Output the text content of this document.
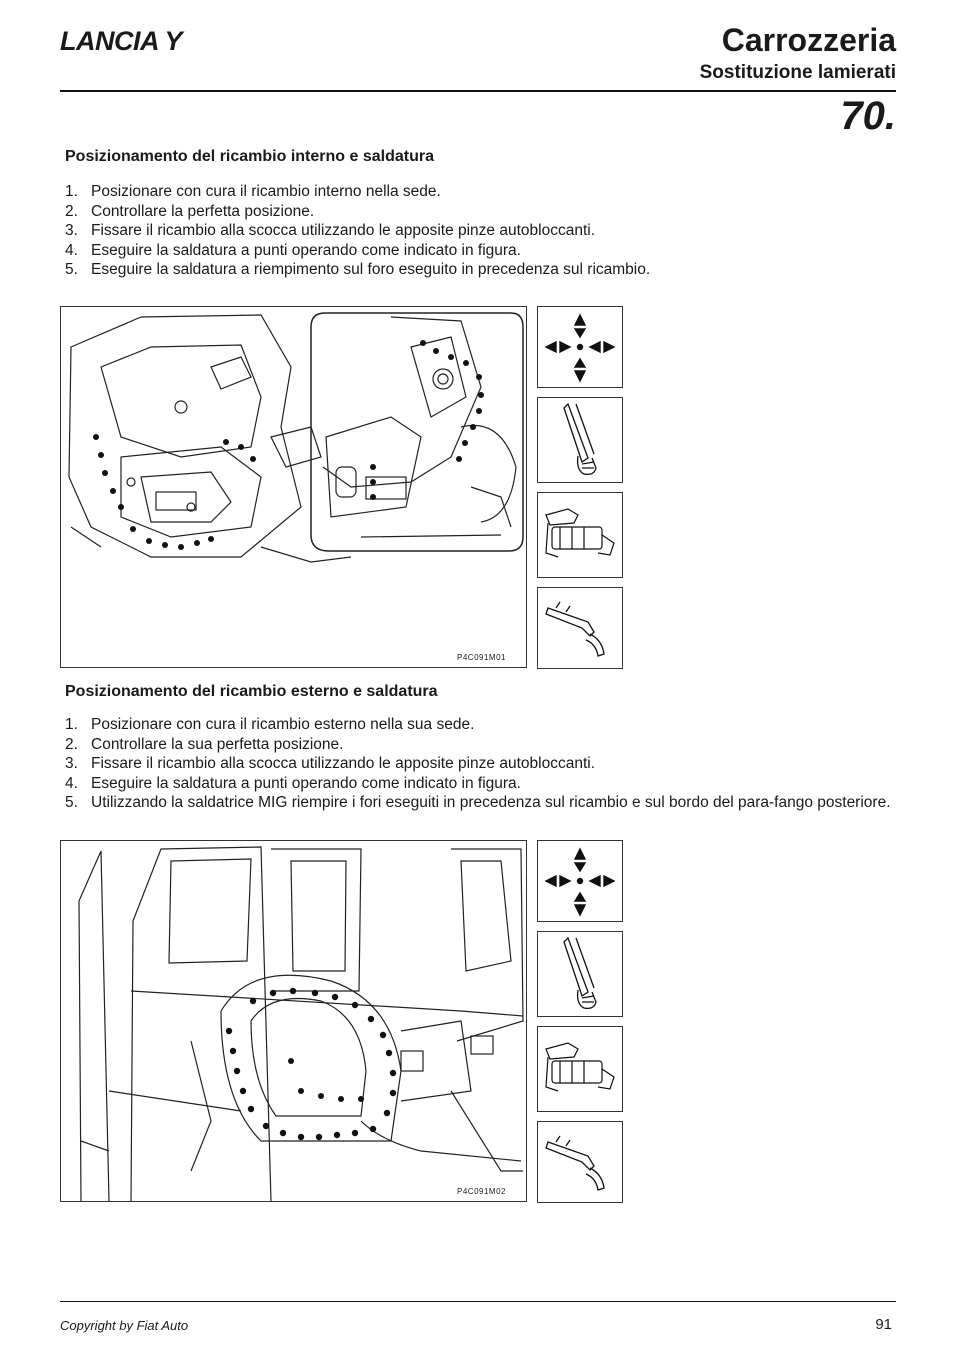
LANCIA Y	Carrozzeria
Sostituzione lamierati
70.
Posizionamento del ricambio interno e saldatura
1. Posizionare con cura il ricambio interno nella sede.
2. Controllare la perfetta posizione.
3. Fissare il ricambio alla scocca utilizzando le apposite pinze autobloccanti.
4. Eseguire la saldatura a punti operando come indicato in figura.
5. Eseguire la saldatura a riempimento sul foro eseguito in precedenza sul ricambio.
P4C091M01
Posizionamento del ricambio esterno e saldatura
1. Posizionare con cura il ricambio esterno nella sua sede.
2. Controllare la sua perfetta posizione.
3. Fissare il ricambio alla scocca utilizzando le apposite pinze autobloccanti.
4. Eseguire la saldatura a punti operando come indicato in figura.
5. Utilizzando la saldatrice MIG riempire i fori eseguiti in precedenza sul ricambio e sul bordo del para-fango posteriore.
P4C091M02
Copyright by Fiat Auto	91
